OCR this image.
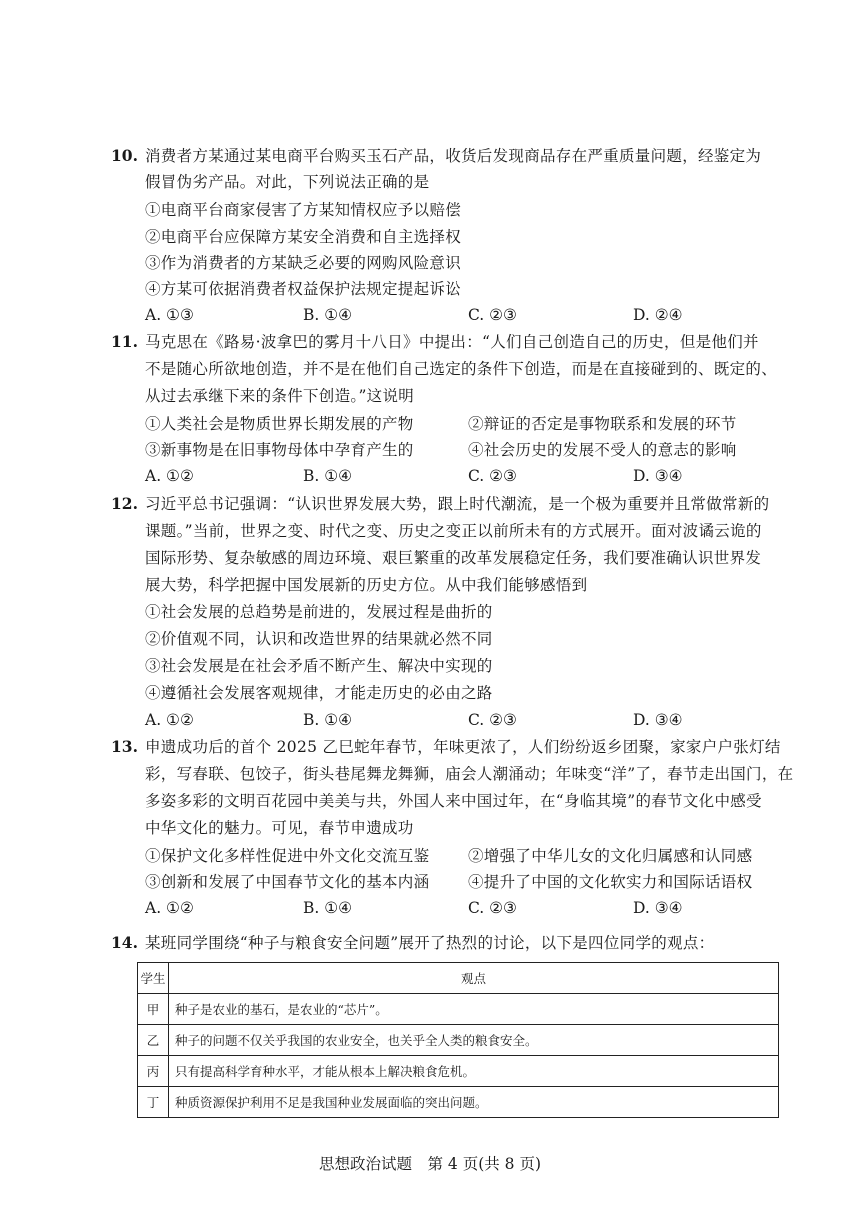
10. 消费者方某通过某电商平台购买玉石产品，收货后发现商品存在严重质量问题，经鉴定为
假冒伪劣产品。对此，下列说法正确的是
①电商平台商家侵害了方某知情权应予以赔偿
②电商平台应保障方某安全消费和自主选择权
③作为消费者的方某缺乏必要的网购风险意识
④方某可依据消费者权益保护法规定提起诉讼
A. ①③	B. ①④	C. ②③	D. ②④
11. 马克思在《路易·波拿巴的雾月十八日》中提出：“人们自己创造自己的历史，但是他们并
不是随心所欲地创造，并不是在他们自己选定的条件下创造，而是在直接碰到的、既定的、
从过去承继下来的条件下创造。”这说明
①人类社会是物质世界长期发展的产物	②辩证的否定是事物联系和发展的环节
③新事物是在旧事物母体中孕育产生的	④社会历史的发展不受人的意志的影响
A. ①②	B. ①④	C. ②③	D. ③④
12. 习近平总书记强调：“认识世界发展大势，跟上时代潮流，是一个极为重要并且常做常新的
课题。”当前，世界之变、时代之变、历史之变正以前所未有的方式展开。面对波谲云诡的
国际形势、复杂敏感的周边环境、艰巨繁重的改革发展稳定任务，我们要准确认识世界发
展大势，科学把握中国发展新的历史方位。从中我们能够感悟到
①社会发展的总趋势是前进的，发展过程是曲折的
②价值观不同，认识和改造世界的结果就必然不同
③社会发展是在社会矛盾不断产生、解决中实现的
④遵循社会发展客观规律，才能走历史的必由之路
A. ①②	B. ①④	C. ②③	D. ③④
13. 申遗成功后的首个 2025 乙巳蛇年春节，年味更浓了，人们纷纷返乡团聚，家家户户张灯结
彩，写春联、包饺子，街头巷尾舞龙舞狮，庙会人潮涌动；年味变“洋”了，春节走出国门，在
多姿多彩的文明百花园中美美与共，外国人来中国过年，在“身临其境”的春节文化中感受
中华文化的魅力。可见，春节申遗成功
①保护文化多样性促进中外文化交流互鉴 ②增强了中华儿女的文化归属感和认同感
③创新和发展了中国春节文化的基本内涵 ④提升了中国的文化软实力和国际话语权
A. ①②	B. ①④	C. ②③	D. ③④
14. 某班同学围绕“种子与粮食安全问题”展开了热烈的讨论，以下是四位同学的观点：
学生	观点
甲	种子是农业的基石，是农业的“芯片”。
乙	种子的问题不仅关乎我国的农业安全，也关乎全人类的粮食安全。
丙	只有提高科学育种水平，才能从根本上解决粮食危机。
丁	种质资源保护利用不足是我国种业发展面临的突出问题。
思想政治试题　第 4 页(共 8 页)
